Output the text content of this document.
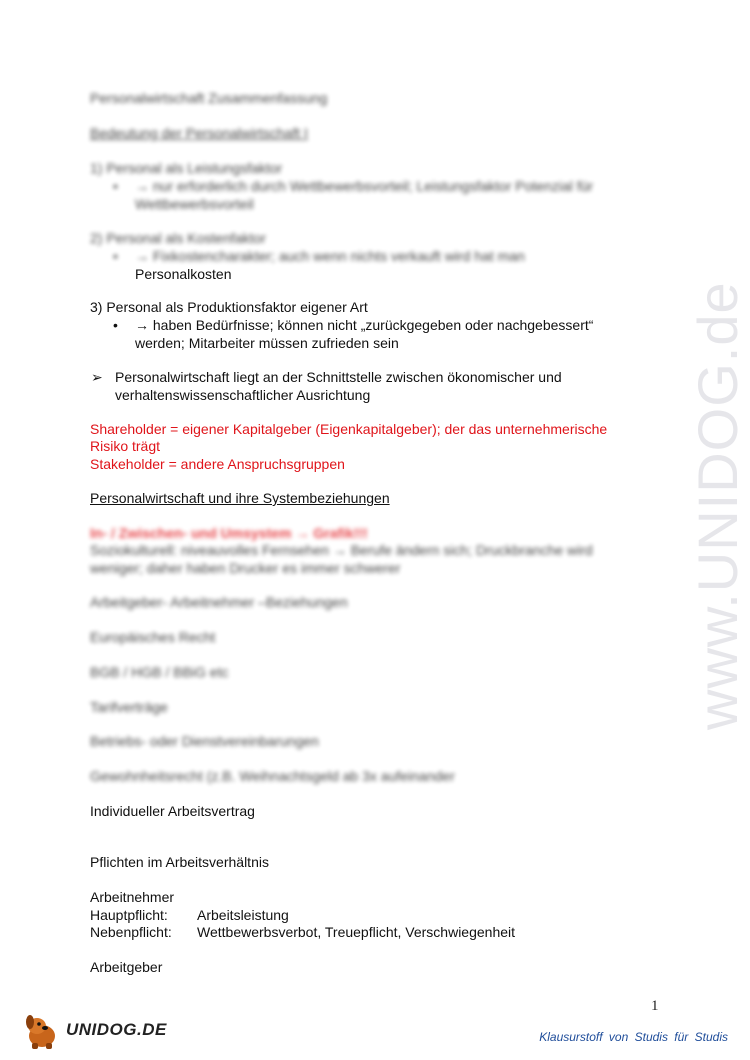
www.UNIDOG.de
Personalwirtschaft Zusammenfassung
Bedeutung der Personalwirtschaft I
1) Personal als Leistungsfaktor
• → nur erforderlich durch Wettbewerbsvorteil; Leistungsfaktor Potenzial für
Wettbewerbsvorteil
2) Personal als Kostenfaktor
• → Fixkostencharakter; auch wenn nichts verkauft wird hat man
Personalkosten
3) Personal als Produktionsfaktor eigener Art
• → haben Bedürfnisse; können nicht „zurückgegeben oder nachgebessert“
werden; Mitarbeiter müssen zufrieden sein
➢ Personalwirtschaft liegt an der Schnittstelle zwischen ökonomischer und
verhaltenswissenschaftlicher Ausrichtung
Shareholder = eigener Kapitalgeber (Eigenkapitalgeber); der das unternehmerische
Risiko trägt
Stakeholder = andere Anspruchsgruppen
Personalwirtschaft und ihre Systembeziehungen
In- / Zwischen- und Umsystem → Grafik!!!
Soziokulturell: niveauvolles Fernsehen → Berufe ändern sich; Druckbranche wird
weniger; daher haben Drucker es immer schwerer
Arbeitgeber- Arbeitnehmer –Beziehungen
Europäisches Recht
BGB / HGB / BBiG etc
Tarifverträge
Betriebs- oder Dienstvereinbarungen
Gewohnheitsrecht (z.B. Weihnachtsgeld ab 3x aufeinander
Individueller Arbeitsvertrag
Pflichten im Arbeitsverhältnis
Arbeitnehmer
Hauptpflicht: Arbeitsleistung
Nebenpflicht: Wettbewerbsverbot, Treuepflicht, Verschwiegenheit
Arbeitgeber
1
UNIDOG.DE	Klausurstoff von Studis für Studis
